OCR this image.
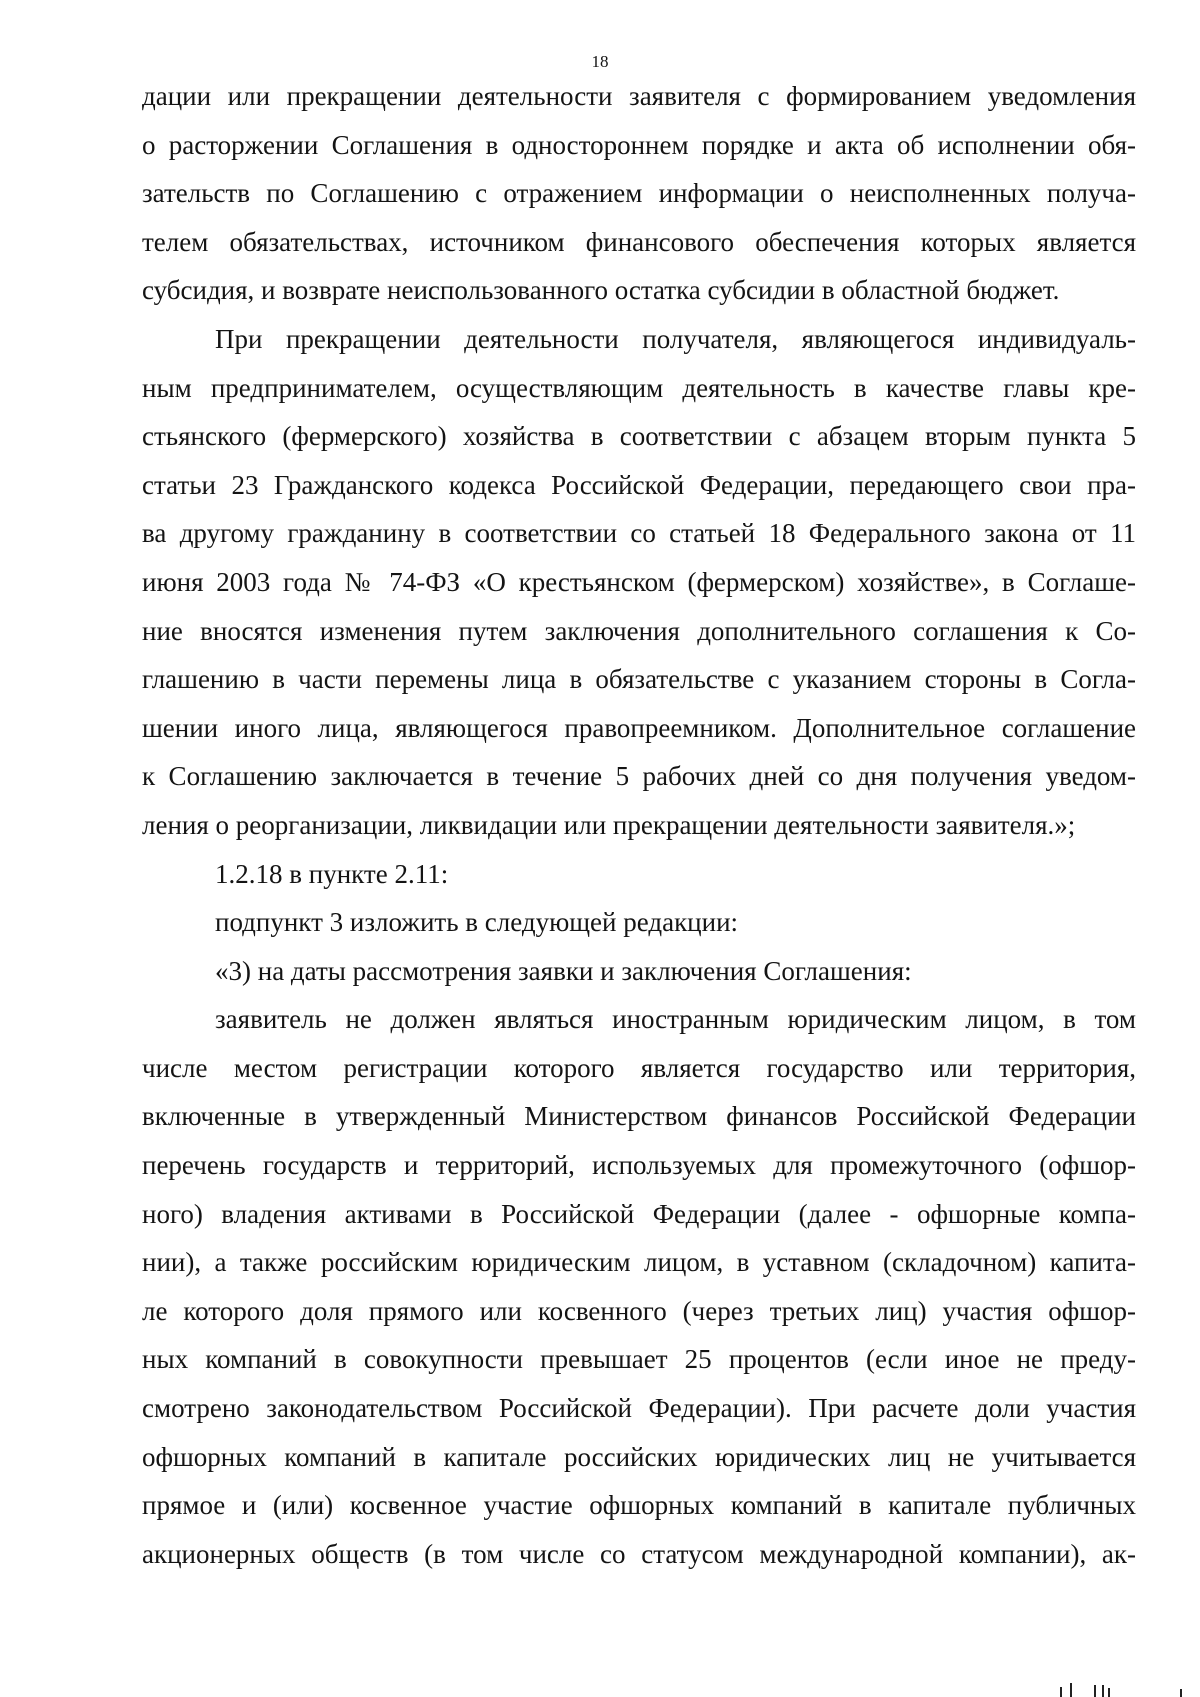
18
дации или прекращении деятельности заявителя с формированием уведомления
о расторжении Соглашения в одностороннем порядке и акта об исполнении обя-
зательств по Соглашению с отражением информации о неисполненных получа-
телем обязательствах, источником финансового обеспечения которых является
субсидия, и возврате неиспользованного остатка субсидии в областной бюджет.
При прекращении деятельности получателя, являющегося индивидуаль-
ным предпринимателем, осуществляющим деятельность в качестве главы кре-
стьянского (фермерского) хозяйства в соответствии с абзацем вторым пункта 5
статьи 23 Гражданского кодекса Российской Федерации, передающего свои пра-
ва другому гражданину в соответствии со статьей 18 Федерального закона от 11
июня 2003 года № 74-ФЗ «О крестьянском (фермерском) хозяйстве», в Соглаше-
ние вносятся изменения путем заключения дополнительного соглашения к Со-
глашению в части перемены лица в обязательстве с указанием стороны в Согла-
шении иного лица, являющегося правопреемником. Дополнительное соглашение
к Соглашению заключается в течение 5 рабочих дней со дня получения уведом-
ления о реорганизации, ликвидации или прекращении деятельности заявителя.»;
1.2.18 в пункте 2.11:
подпункт 3 изложить в следующей редакции:
«3) на даты рассмотрения заявки и заключения Соглашения:
заявитель не должен являться иностранным юридическим лицом, в том
числе местом регистрации которого является государство или территория,
включенные в утвержденный Министерством финансов Российской Федерации
перечень государств и территорий, используемых для промежуточного (офшор-
ного) владения активами в Российской Федерации (далее - офшорные компа-
нии), а также российским юридическим лицом, в уставном (складочном) капита-
ле которого доля прямого или косвенного (через третьих лиц) участия офшор-
ных компаний в совокупности превышает 25 процентов (если иное не преду-
смотрено законодательством Российской Федерации). При расчете доли участия
офшорных компаний в капитале российских юридических лиц не учитывается
прямое и (или) косвенное участие офшорных компаний в капитале публичных
акционерных обществ (в том числе со статусом международной компании), ак-
